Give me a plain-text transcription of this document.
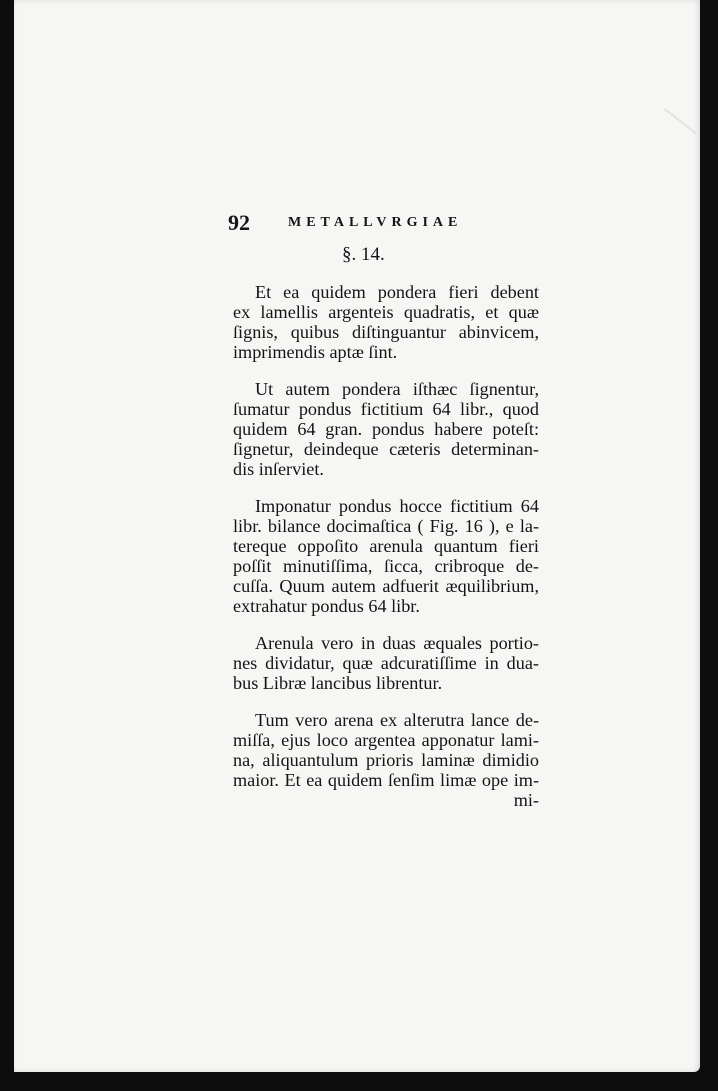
92	METALLVRGIAE
§. 14.

Et ea quidem pondera fieri debent
ex lamellis argenteis quadratis, et quæ
ſignis, quibus diſtinguantur abinvicem,
imprimendis aptæ ſint.

Ut autem pondera iſthæc ſignentur,
ſumatur pondus fictitium 64 libr., quod
quidem 64 gran. pondus habere poteſt:
ſignetur, deindeque cæteris determinan-
dis inſerviet.

Imponatur pondus hocce fictitium 64
libr. bilance docimaſtica ( Fig. 16 ), e la-
tereque oppoſito arenula quantum fieri
poſſit minutiſſima, ſicca, cribroque de-
cuſſa. Quum autem adfuerit æquilibrium,
extrahatur pondus 64 libr.

Arenula vero in duas æquales portio-
nes dividatur, quæ adcuratiſſime in dua-
bus Libræ lancibus librentur.

Tum vero arena ex alterutra lance de-
miſſa, ejus loco argentea apponatur lami-
na, aliquantulum prioris laminæ dimidio
maior. Et ea quidem ſenſim limæ ope im-
mi-
